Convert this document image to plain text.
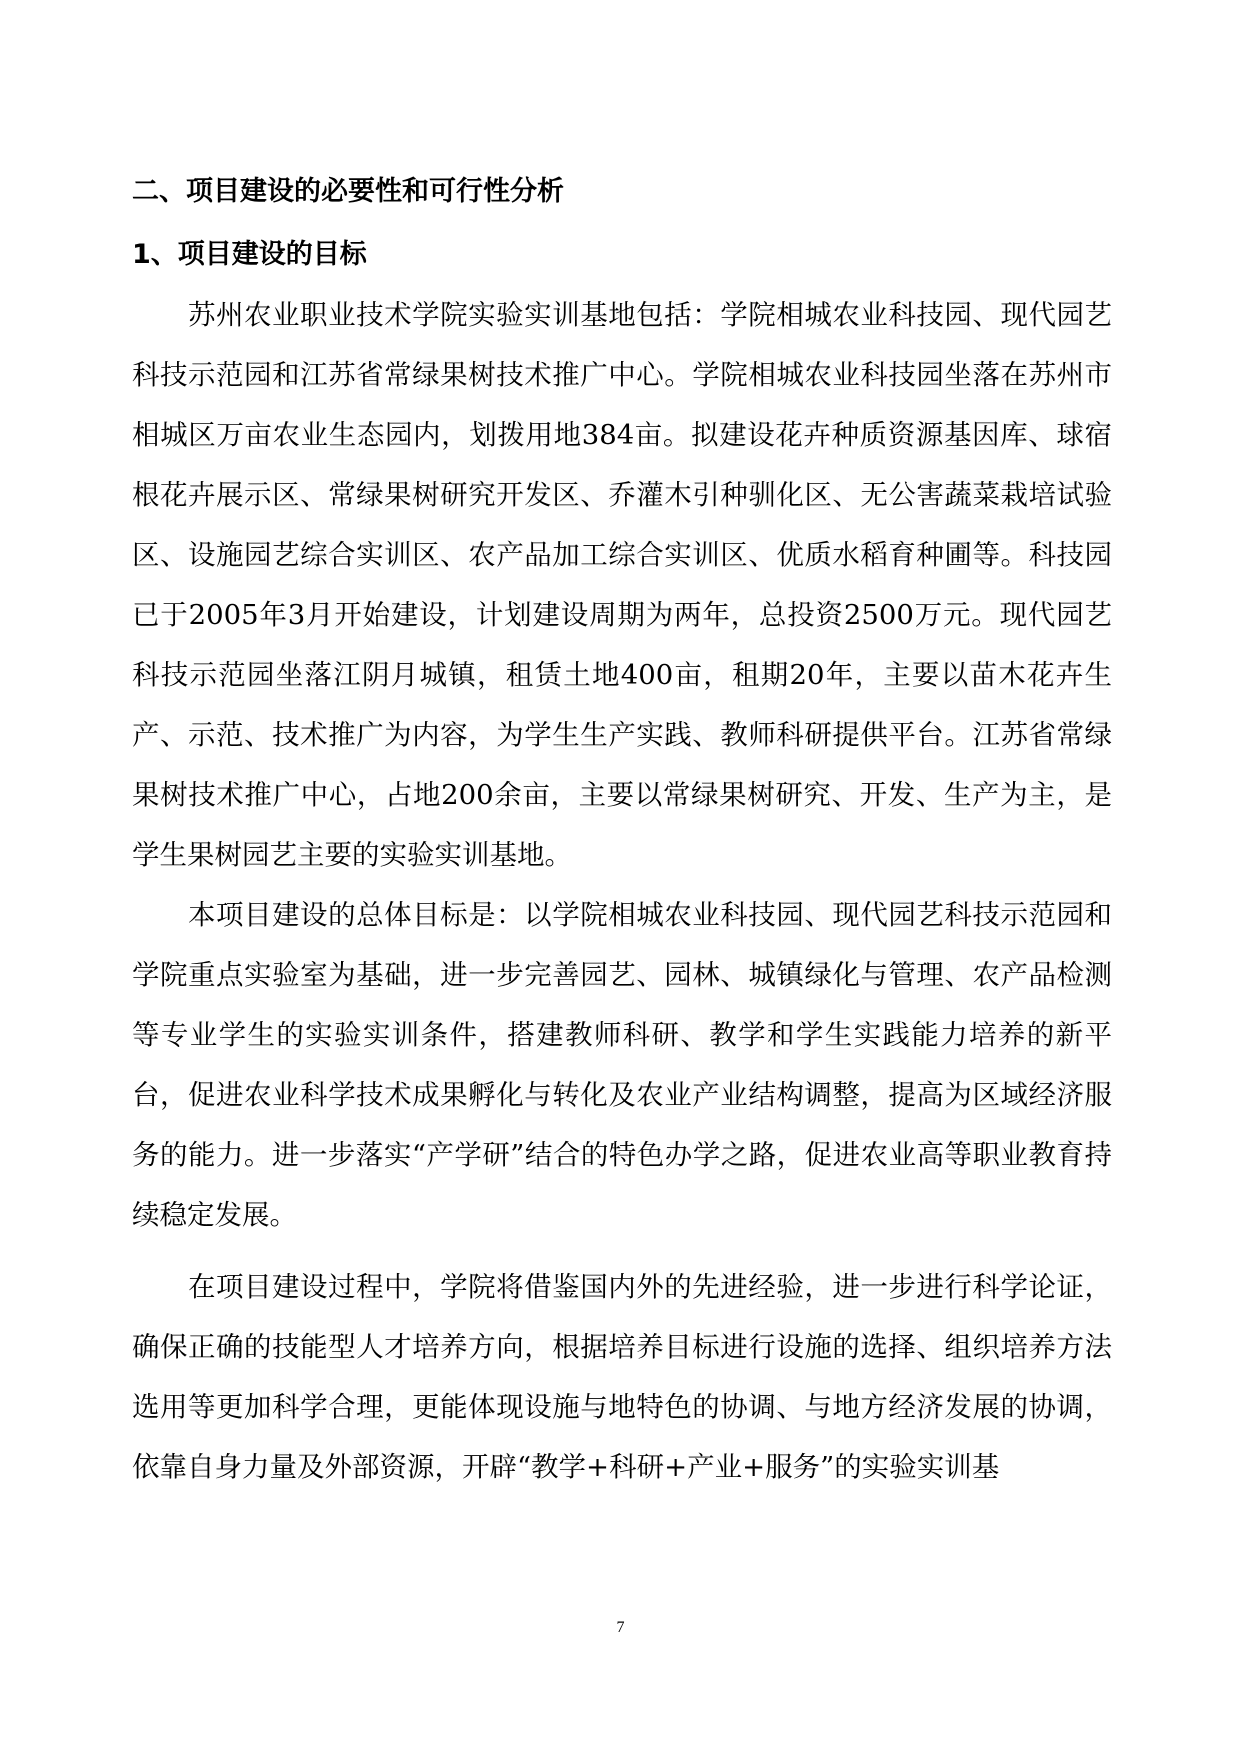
二、项目建设的必要性和可行性分析
1、项目建设的目标

苏州农业职业技术学院实验实训基地包括：学院相城农业科技园、现代园艺科技示范园和江苏省常绿果树技术推广中心。学院相城农业科技园坐落在苏州市相城区万亩农业生态园内，划拨用地384亩。拟建设花卉种质资源基因库、球宿根花卉展示区、常绿果树研究开发区、乔灌木引种驯化区、无公害蔬菜栽培试验区、设施园艺综合实训区、农产品加工综合实训区、优质水稻育种圃等。科技园已于2005年3月开始建设，计划建设周期为两年，总投资2500万元。现代园艺科技示范园坐落江阴月城镇，租赁土地400亩，租期20年，主要以苗木花卉生产、示范、技术推广为内容，为学生生产实践、教师科研提供平台。江苏省常绿果树技术推广中心，占地200余亩，主要以常绿果树研究、开发、生产为主，是学生果树园艺主要的实验实训基地。

本项目建设的总体目标是：以学院相城农业科技园、现代园艺科技示范园和学院重点实验室为基础，进一步完善园艺、园林、城镇绿化与管理、农产品检测等专业学生的实验实训条件，搭建教师科研、教学和学生实践能力培养的新平台，促进农业科学技术成果孵化与转化及农业产业结构调整，提高为区域经济服务的能力。进一步落实“产学研”结合的特色办学之路，促进农业高等职业教育持续稳定发展。

在项目建设过程中，学院将借鉴国内外的先进经验，进一步进行科学论证，确保正确的技能型人才培养方向，根据培养目标进行设施的选择、组织培养方法选用等更加科学合理，更能体现设施与地特色的协调、与地方经济发展的协调，依靠自身力量及外部资源，开辟“教学+科研+产业+服务”的实验实训基

7
